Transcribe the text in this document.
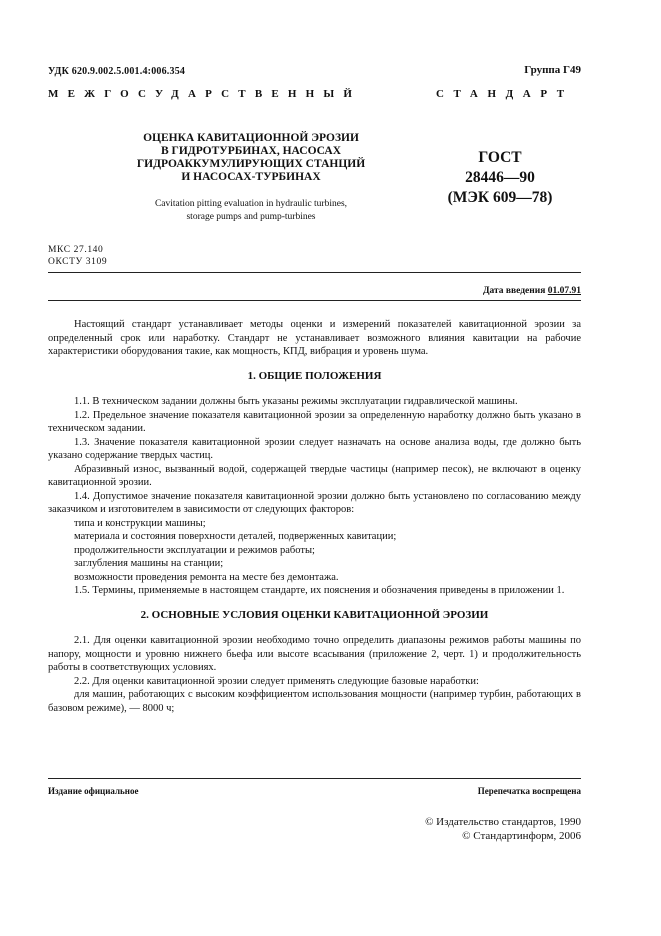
УДК 620.9.002.5.001.4:006.354	Группа Г49
МЕЖГОСУДАРСТВЕННЫЙ	СТАНДАРТ
ОЦЕНКА КАВИТАЦИОННОЙ ЭРОЗИИ
В ГИДРОТУРБИНАХ, НАСОСАХ
ГИДРОАККУМУЛИРУЮЩИХ СТАНЦИЙ
И НАСОСАХ-ТУРБИНАХ
Cavitation pitting evaluation in hydraulic turbines,
storage pumps and pump-turbines
ГОСТ
28446—90
(МЭК 609—78)
МКС 27.140
ОКСТУ 3109
Дата введения 01.07.91

Настоящий стандарт устанавливает методы оценки и измерений показателей кавитационной эрозии за определенный срок или наработку. Стандарт не устанавливает возможного влияния кавитации на рабочие характеристики оборудования такие, как мощность, КПД, вибрация и уровень шума.

1. ОБЩИЕ ПОЛОЖЕНИЯ

1.1. В техническом задании должны быть указаны режимы эксплуатации гидравлической машины.

1.2. Предельное значение показателя кавитационной эрозии за определенную наработку должно быть указано в техническом задании.

1.3. Значение показателя кавитационной эрозии следует назначать на основе анализа воды, где должно быть указано содержание твердых частиц.

Абразивный износ, вызванный водой, содержащей твердые частицы (например песок), не включают в оценку кавитационной эрозии.

1.4. Допустимое значение показателя кавитационной эрозии должно быть установлено по согласованию между заказчиком и изготовителем в зависимости от следующих факторов:

типа и конструкции машины;

материала и состояния поверхности деталей, подверженных кавитации;

продолжительности эксплуатации и режимов работы;

заглубления машины на станции;

возможности проведения ремонта на месте без демонтажа.

1.5. Термины, применяемые в настоящем стандарте, их пояснения и обозначения приведены в приложении 1.

2. ОСНОВНЫЕ УСЛОВИЯ ОЦЕНКИ КАВИТАЦИОННОЙ ЭРОЗИИ

2.1. Для оценки кавитационной эрозии необходимо точно определить диапазоны режимов работы машины по напору, мощности и уровню нижнего бьефа или высоте всасывания (приложение 2, черт. 1) и продолжительность работы в соответствующих условиях.

2.2. Для оценки кавитационной эрозии следует применять следующие базовые наработки:

для машин, работающих с высоким коэффициентом использования мощности (например турбин, работающих в базовом режиме), — 8000 ч;

Издание официальное	Перепечатка воспрещена
© Издательство стандартов, 1990
© Стандартинформ, 2006
